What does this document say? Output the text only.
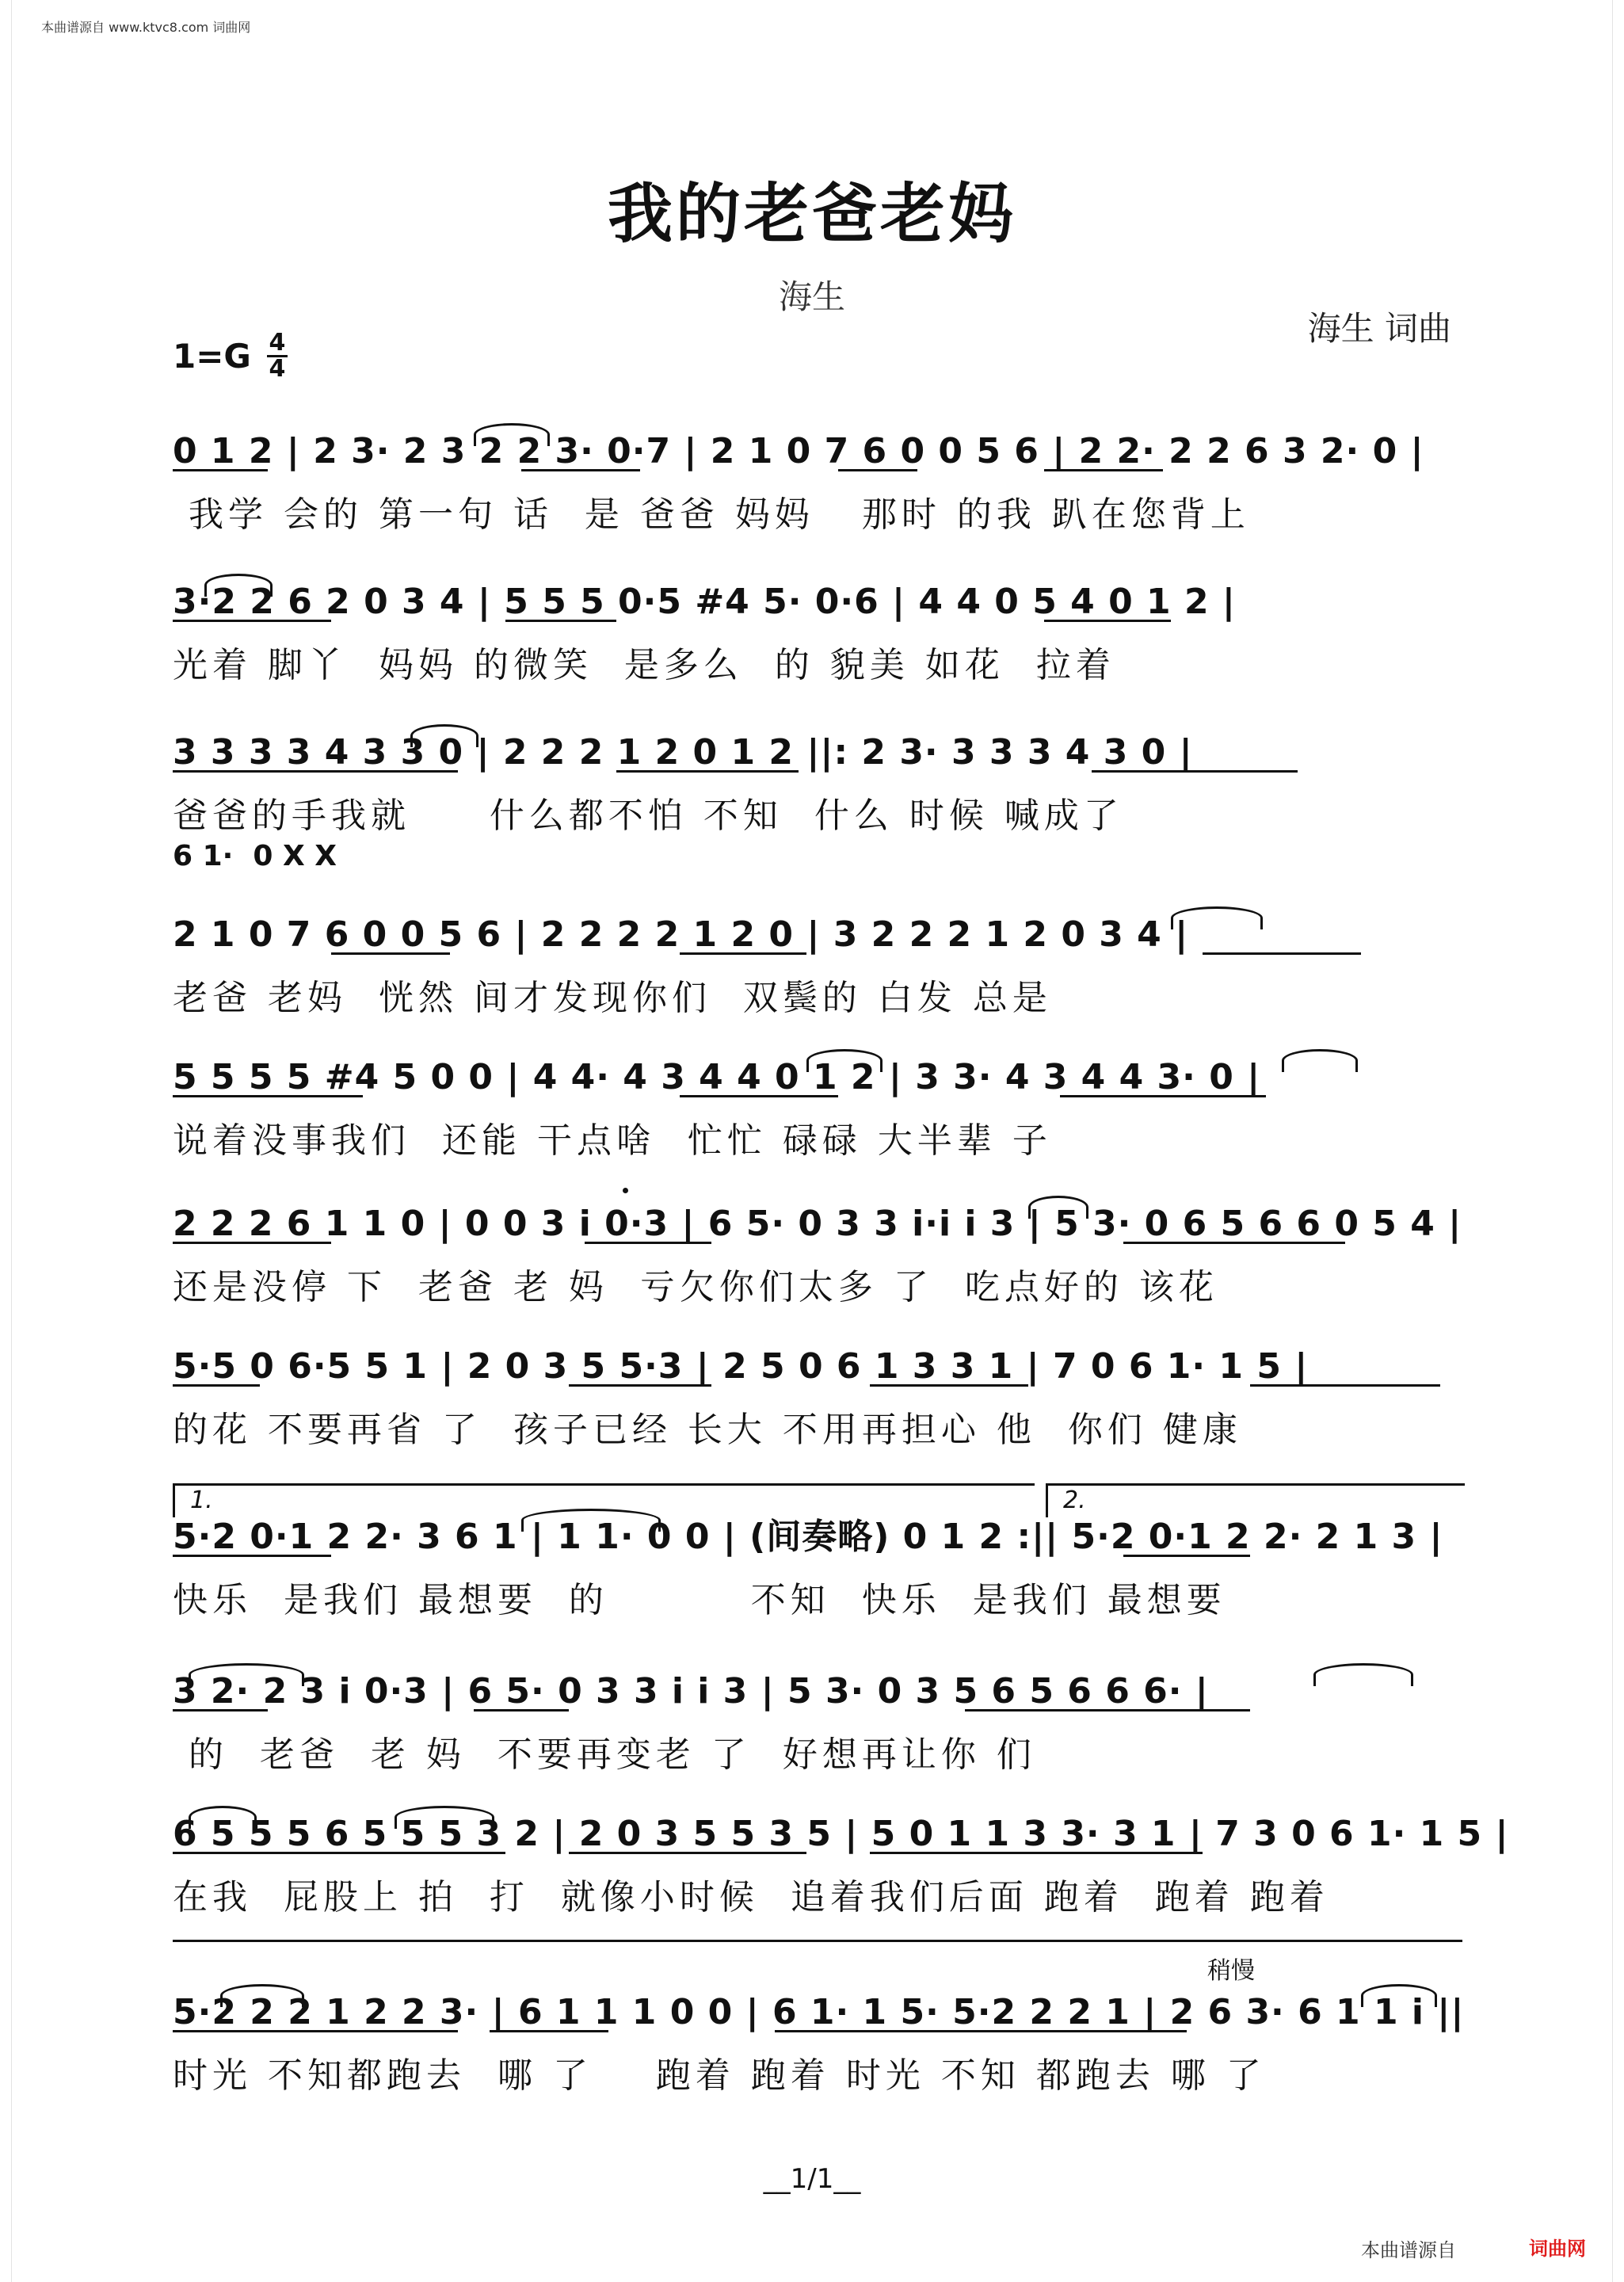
本曲谱源自 www.ktvc8.com 词曲网
我的老爸老妈
海生
海生 词曲
1=G 4
4
0 1 2 | 2 3· 2 3 2 2 3· 0·7 | 2 1 0 7 6 0 0 5 6 | 2 2· 2 2 6 3 2· 0 |
我学 会的 第一句 话  是 爸爸 妈妈   那时 的我 趴在您背上
3·2 2 6 2 0 3 4 | 5 5 5 0·5 #4 5· 0·6 | 4 4 0 5 4 0 1 2 |
光着 脚丫  妈妈 的微笑  是多么  的 貌美 如花  拉着
3 3 3 3 4 3 3 0 | 2 2 2 1 2 0 1 2 ||: 2 3· 3 3 3 4 3 0 |
爸爸的手我就     什么都不怕 不知  什么 时候 喊成了
6 1·  0 X X
2 1 0 7 6 0 0 5 6 | 2 2 2 2 1 2 0 | 3 2 2 2 1 2 0 3 4 |
老爸 老妈  恍然 间才发现你们  双鬓的 白发 总是
5 5 5 5 #4 5 0 0 | 4 4· 4 3 4 4 0 1 2 | 3 3· 4 3 4 4 3· 0 |
说着没事我们  还能 干点啥  忙忙 碌碌 大半辈 子
2 2 2 6 1 1 0 | 0 0 3 i 0·3 | 6 5· 0 3 3 i·i i 3 | 5 3· 0 6 5 6 6 0 5 4 |
还是没停 下  老爸 老 妈  亏欠你们太多 了  吃点好的 该花
5·5 0 6·5 5 1 | 2 0 3 5 5·3 | 2 5 0 6 1 3 3 1 | 7 0 6 1· 1 5 |
的花 不要再省 了  孩子已经 长大 不用再担心 他  你们 健康
1.	2.
5·2 0·1 2 2· 3 6 1 | 1 1· 0 0 | (间奏略) 0 1 2 :|| 5·2 0·1 2 2· 2 1 3 |
快乐  是我们 最想要  的         不知  快乐  是我们 最想要
3 2· 2 3 i 0·3 | 6 5· 0 3 3 i i 3 | 5 3· 0 3 5 6 5 6 6 6· |
的  老爸  老 妈  不要再变老 了  好想再让你 们
6 5 5 5 6 5 5 5 3 2 | 2 0 3 5 5 3 5 | 5 0 1 1 3 3· 3 1 | 7 3 0 6 1· 1 5 |
在我  屁股上 拍  打  就像小时候  追着我们后面 跑着  跑着 跑着
稍慢
5·2 2 2 1 2 2 3· | 6 1 1 1 0 0 | 6 1· 1 5· 5·2 2 2 1 | 2 6 3· 6 1 1 i ||
时光 不知都跑去  哪 了    跑着 跑着 时光 不知 都跑去 哪 了
__1/1__
本曲谱源自	词曲网
